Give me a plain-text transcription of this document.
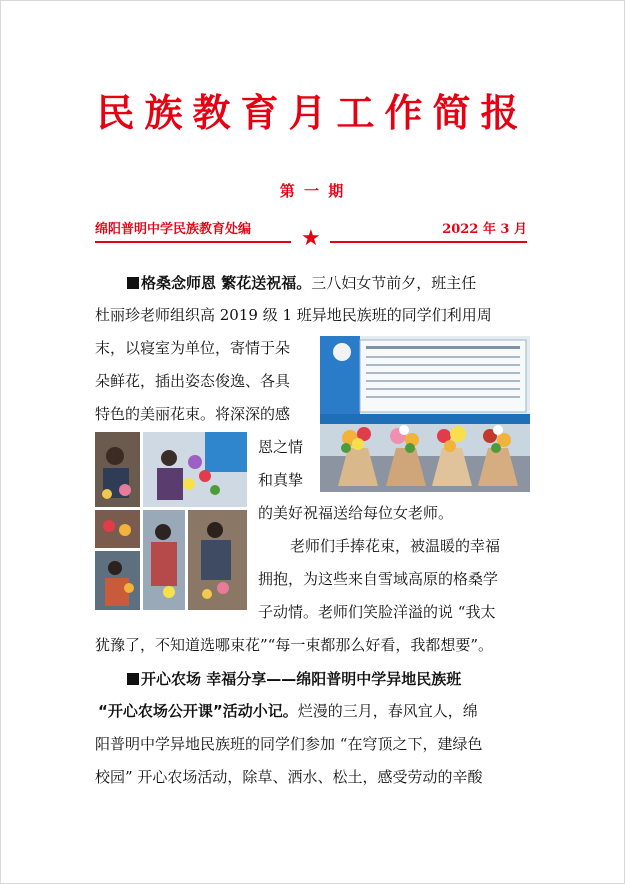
民族教育月工作简报
第 一 期
绵阳普明中学民族教育处编	2022 年 3 月
★
格桑念师恩 繁花送祝福。三八妇女节前夕，班主任
杜丽珍老师组织高 2019 级 1 班异地民族班的同学们利用周
末，以寝室为单位，寄情于朵
朵鲜花，插出姿态俊逸、各具
特色的美丽花束。将深深的感
恩之情
和真挚
的美好祝福送给每位女老师。
老师们手捧花束，被温暖的幸福
拥抱，为这些来自雪域高原的格桑学
子动情。老师们笑脸洋溢的说 “我太
犹豫了，不知道选哪束花”“每一束都那么好看，我都想要”。
开心农场 幸福分享——绵阳普明中学异地民族班
“开心农场公开课”活动小记。烂漫的三月，春风宜人，绵
阳普明中学异地民族班的同学们参加 “在穹顶之下，建绿色
校园” 开心农场活动，除草、洒水、松土，感受劳动的辛酸
